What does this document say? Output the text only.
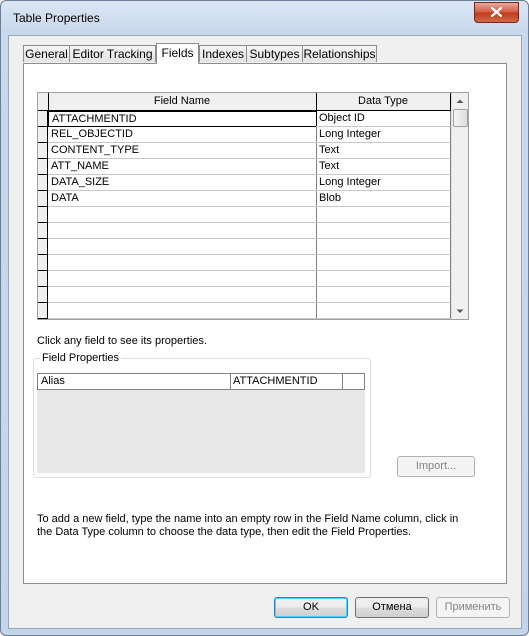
Table Properties
General Editor Tracking Fields Indexes Subtypes Relationships
Field Name	Data Type
ATTACHMENTID	Object ID
REL_OBJECTID	Long Integer
CONTENT_TYPE	Text
ATT_NAME	Text
DATA_SIZE	Long Integer
DATA	Blob
Click any field to see its properties.
Field Properties
Alias	ATTACHMENTID
Import...
To add a new field, type the name into an empty row in the Field Name column, click in the Data Type column to choose the data type, then edit the Field Properties.
OK	Отмена	Применить
